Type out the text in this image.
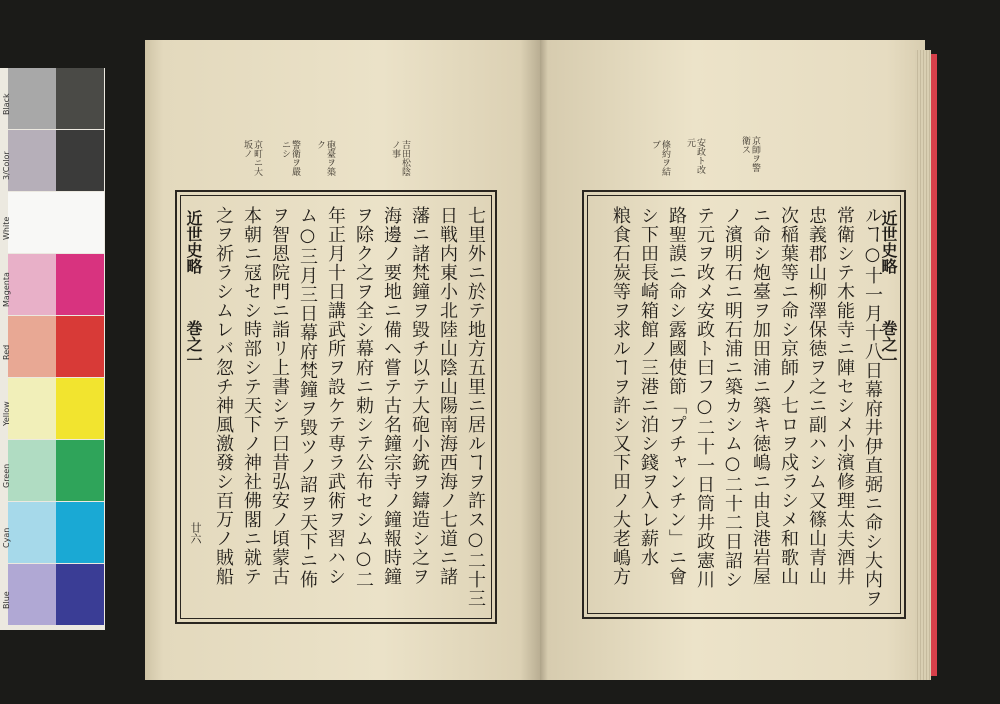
Blue
Cyan
Green
Yellow
Red
Magenta
White
3/Color
Black
京町ニ大坂ノ	警衛ヲ嚴ニシ	砲臺ヲ築ク	吉田松陰ノ事
近世史略
巻之一
廿六	七里外ニ於テ地方五里ニ居ルヿヲ許ス○二十三
日戦内東小北陸山陰山陽南海西海ノ七道ニ諸
藩ニ諸梵鐘ヲ毀チ以テ大砲小銃ヲ鑄造シ之ヲ
海邊ノ要地ニ備ヘ嘗テ古名鐘宗寺ノ鐘報時鐘
ヲ除ク之ヲ全シ幕府ニ勅シテ公布セシム○二
年正月十日講武所ヲ設ケテ専ラ武術ヲ習ハシ
ム○三月三日幕府梵鐘ヲ毀ツノ詔ヲ天下ニ佈
ヲ智恩院門ニ詣リ上書シテ曰昔弘安ノ頃蒙古
本朝ニ冦セシ時部シテ天下ノ神社佛閣ニ就テ
之ヲ祈ラシムレバ忽チ神風激發シ百万ノ賊船
條約ヲ結ブ	安政ト改元	京師ヲ警衛ス
ルヿ○十一月十八日幕府井伊直弼ニ命シ大内ヲ
常衛シテ木能寺ニ陣セシメ小濱修理太夫酒井
忠義郡山柳澤保徳ヲ之ニ副ハシム又篠山青山
次稲葉等ニ命シ京師ノ七ロヲ戍ラシメ和歌山
ニ命シ炮臺ヲ加田浦ニ築キ徳嶋ニ由良港岩屋
ノ濱明石ニ明石浦ニ築カシム○二十二日詔シ
テ元ヲ改メ安政ト曰フ○二十一日筒井政憲川
路聖謨ニ命シ露國使節「プチャンチン」ニ會
シ下田長崎箱館ノ三港ニ泊シ錢ヲ入レ薪水
粮食石炭等ヲ求ルヿヲ許シ又下田ノ大老嶋方	近世史略
巻之一
